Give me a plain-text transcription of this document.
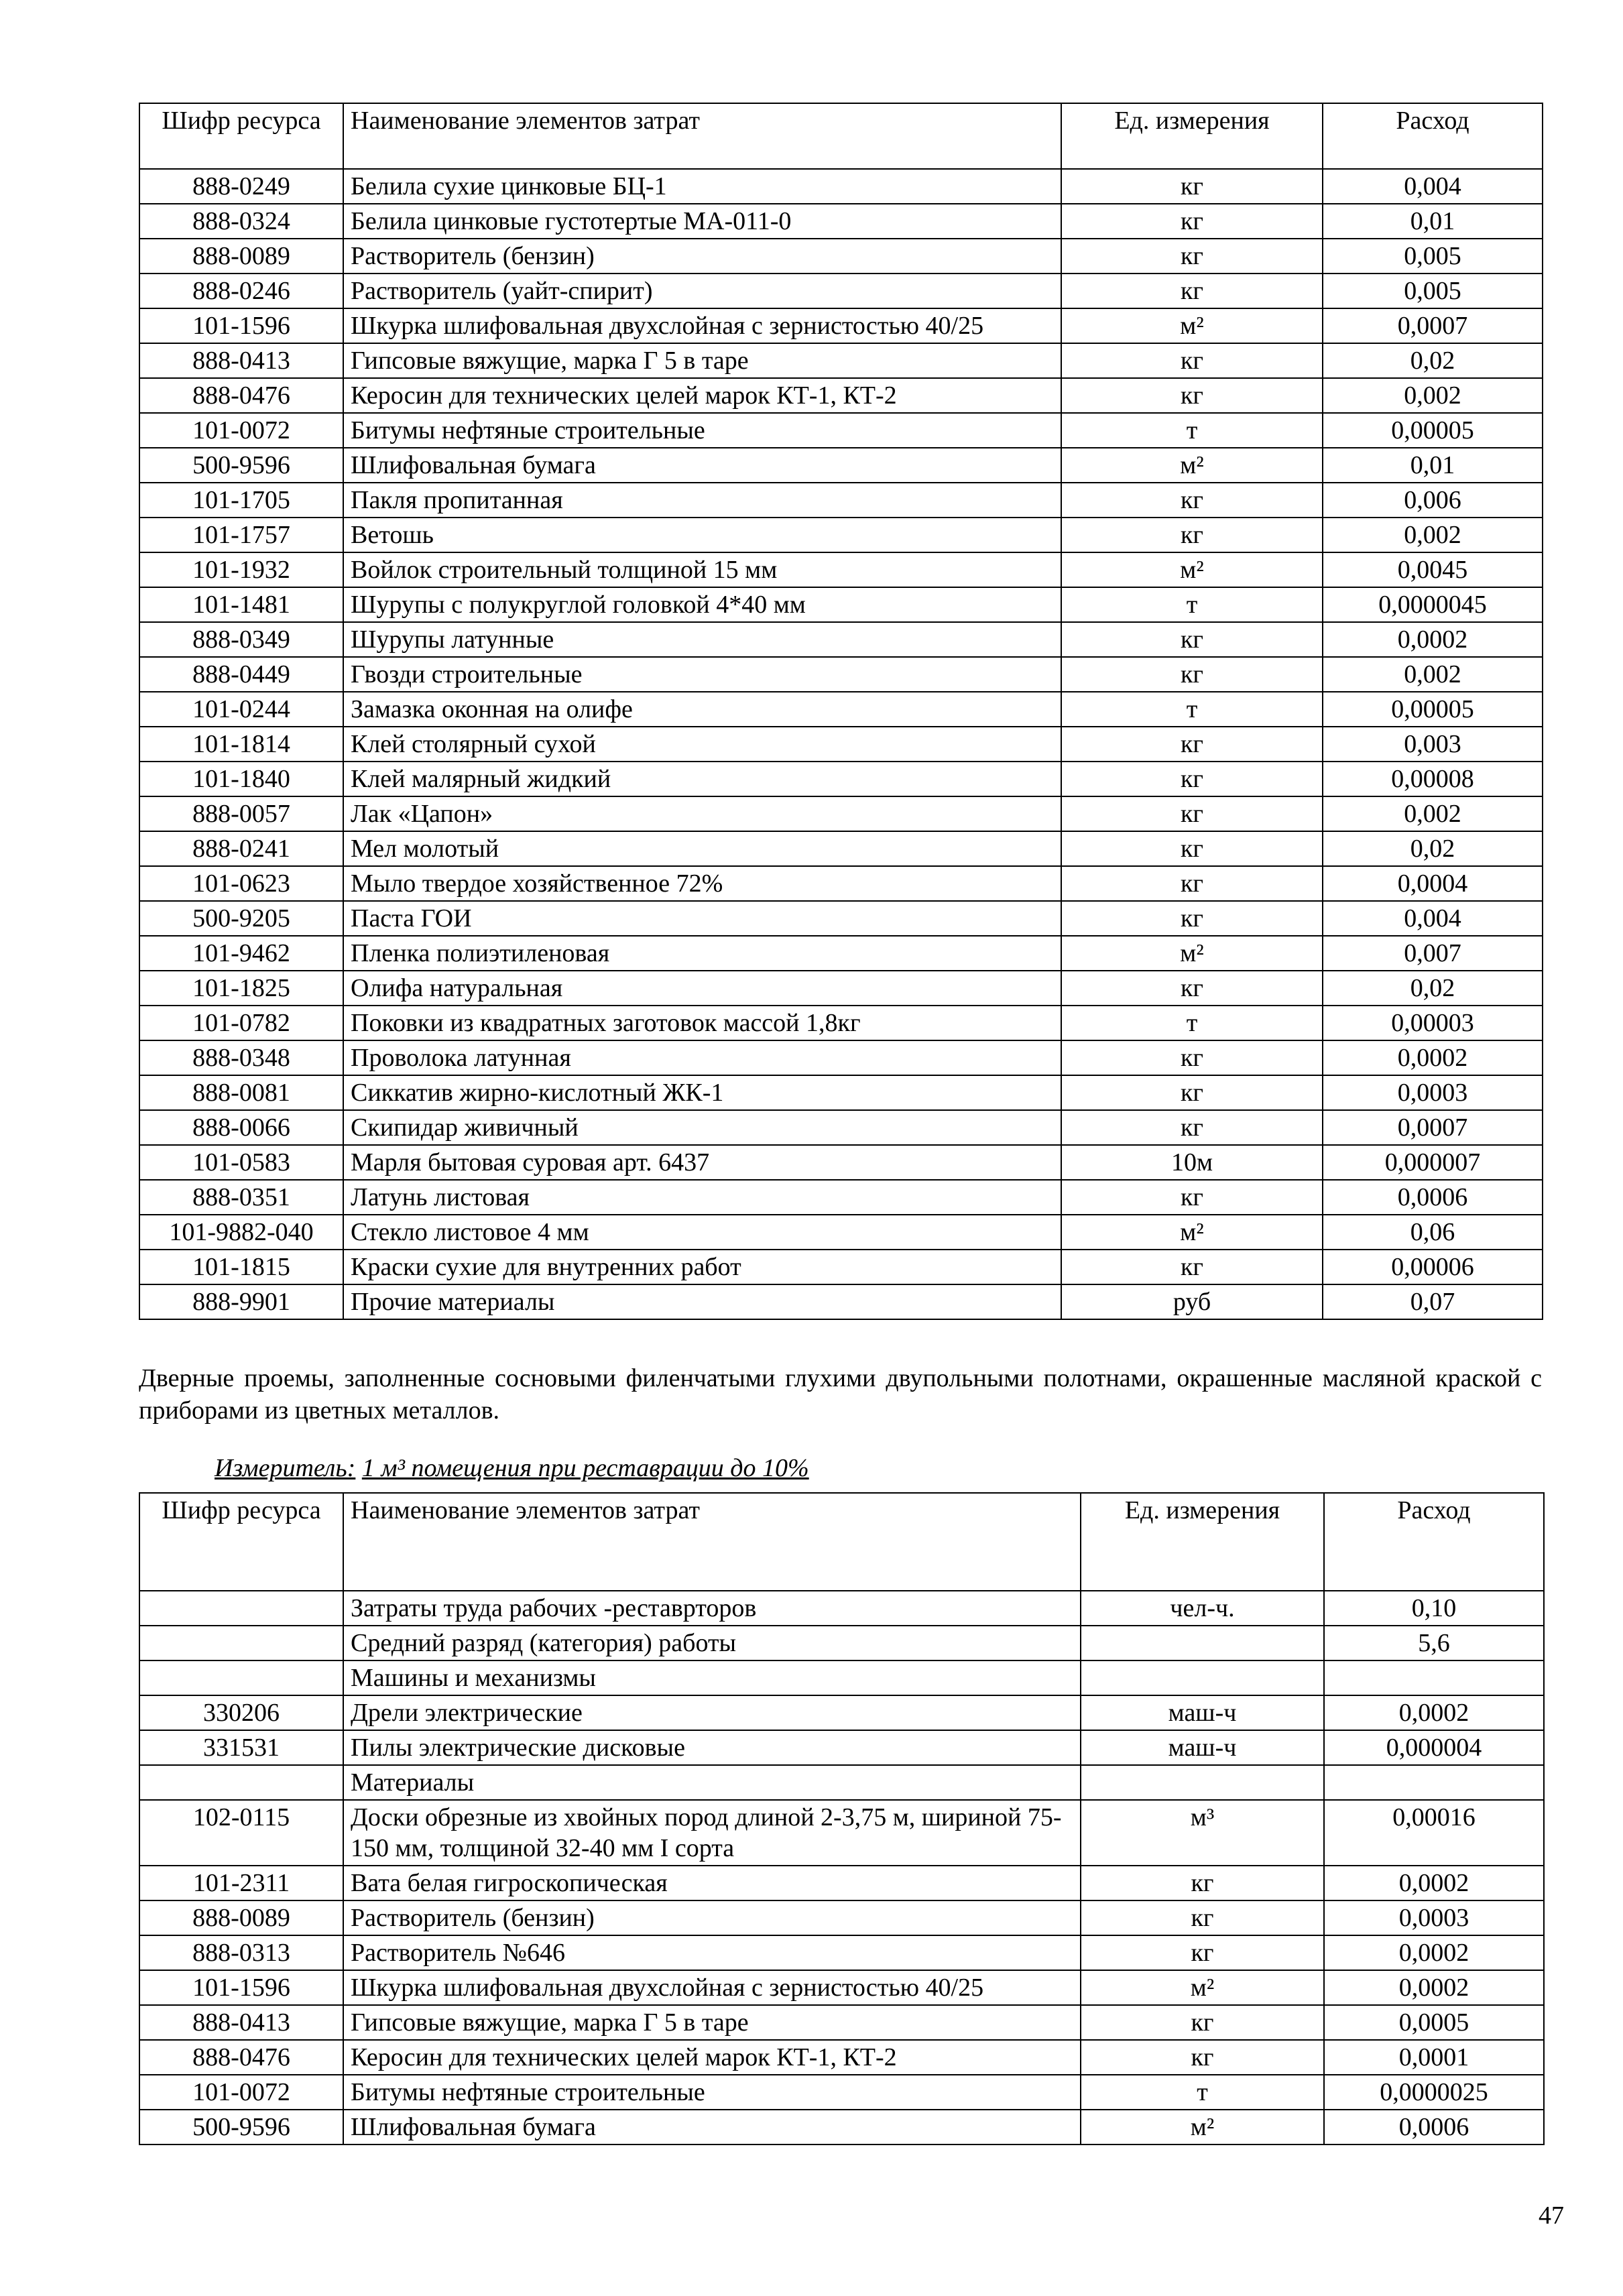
Шифр ресурса	Наименование элементов затрат	Ед. измерения	Расход
888-0249	Белила сухие цинковые БЦ-1	кг	0,004
888-0324	Белила цинковые густотертые МА-011-0	кг	0,01
888-0089	Растворитель (бензин)	кг	0,005
888-0246	Растворитель (уайт-спирит)	кг	0,005
101-1596	Шкурка шлифовальная двухслойная с зернистостью 40/25	м²	0,0007
888-0413	Гипсовые вяжущие, марка Г 5 в таре	кг	0,02
888-0476	Керосин для технических целей марок КТ-1, КТ-2	кг	0,002
101-0072	Битумы нефтяные строительные	т	0,00005
500-9596	Шлифовальная бумага	м²	0,01
101-1705	Пакля пропитанная	кг	0,006
101-1757	Ветошь	кг	0,002
101-1932	Войлок строительный толщиной 15 мм	м²	0,0045
101-1481	Шурупы с полукруглой головкой 4*40 мм	т	0,0000045
888-0349	Шурупы латунные	кг	0,0002
888-0449	Гвозди строительные	кг	0,002
101-0244	Замазка оконная на олифе	т	0,00005
101-1814	Клей столярный сухой	кг	0,003
101-1840	Клей малярный жидкий	кг	0,00008
888-0057	Лак «Цапон»	кг	0,002
888-0241	Мел молотый	кг	0,02
101-0623	Мыло твердое хозяйственное 72%	кг	0,0004
500-9205	Паста ГОИ	кг	0,004
101-9462	Пленка полиэтиленовая	м²	0,007
101-1825	Олифа натуральная	кг	0,02
101-0782	Поковки из квадратных заготовок массой 1,8кг	т	0,00003
888-0348	Проволока латунная	кг	0,0002
888-0081	Сиккатив жирно-кислотный ЖК-1	кг	0,0003
888-0066	Скипидар живичный	кг	0,0007
101-0583	Марля бытовая суровая арт. 6437	10м	0,000007
888-0351	Латунь листовая	кг	0,0006
101-9882-040	Стекло листовое 4 мм	м²	0,06
101-1815	Краски сухие для внутренних работ	кг	0,00006
888-9901	Прочие материалы	руб	0,07
Дверные проемы, заполненные сосновыми филенчатыми глухими двупольными полотнами, окрашенные масляной краской с приборами из цветных металлов.
Измеритель: 1 м³ помещения при реставрации до 10%
Шифр ресурса	Наименование элементов затрат	Ед. измерения	Расход
	Затраты труда рабочих -реставрторов	чел-ч.	0,10
	Средний разряд (категория) работы		5,6
	Машины и механизмы		
330206	Дрели электрические	маш-ч	0,0002
331531	Пилы электрические дисковые	маш-ч	0,000004
	Материалы		
102-0115	Доски обрезные из хвойных пород длиной 2-3,75 м, шириной 75-150 мм, толщиной 32-40 мм I сорта	м³	0,00016
101-2311	Вата белая гигроскопическая	кг	0,0002
888-0089	Растворитель (бензин)	кг	0,0003
888-0313	Растворитель №646	кг	0,0002
101-1596	Шкурка шлифовальная двухслойная с зернистостью 40/25	м²	0,0002
888-0413	Гипсовые вяжущие, марка Г 5 в таре	кг	0,0005
888-0476	Керосин для технических целей марок КТ-1, КТ-2	кг	0,0001
101-0072	Битумы нефтяные строительные	т	0,0000025
500-9596	Шлифовальная бумага	м²	0,0006
47
